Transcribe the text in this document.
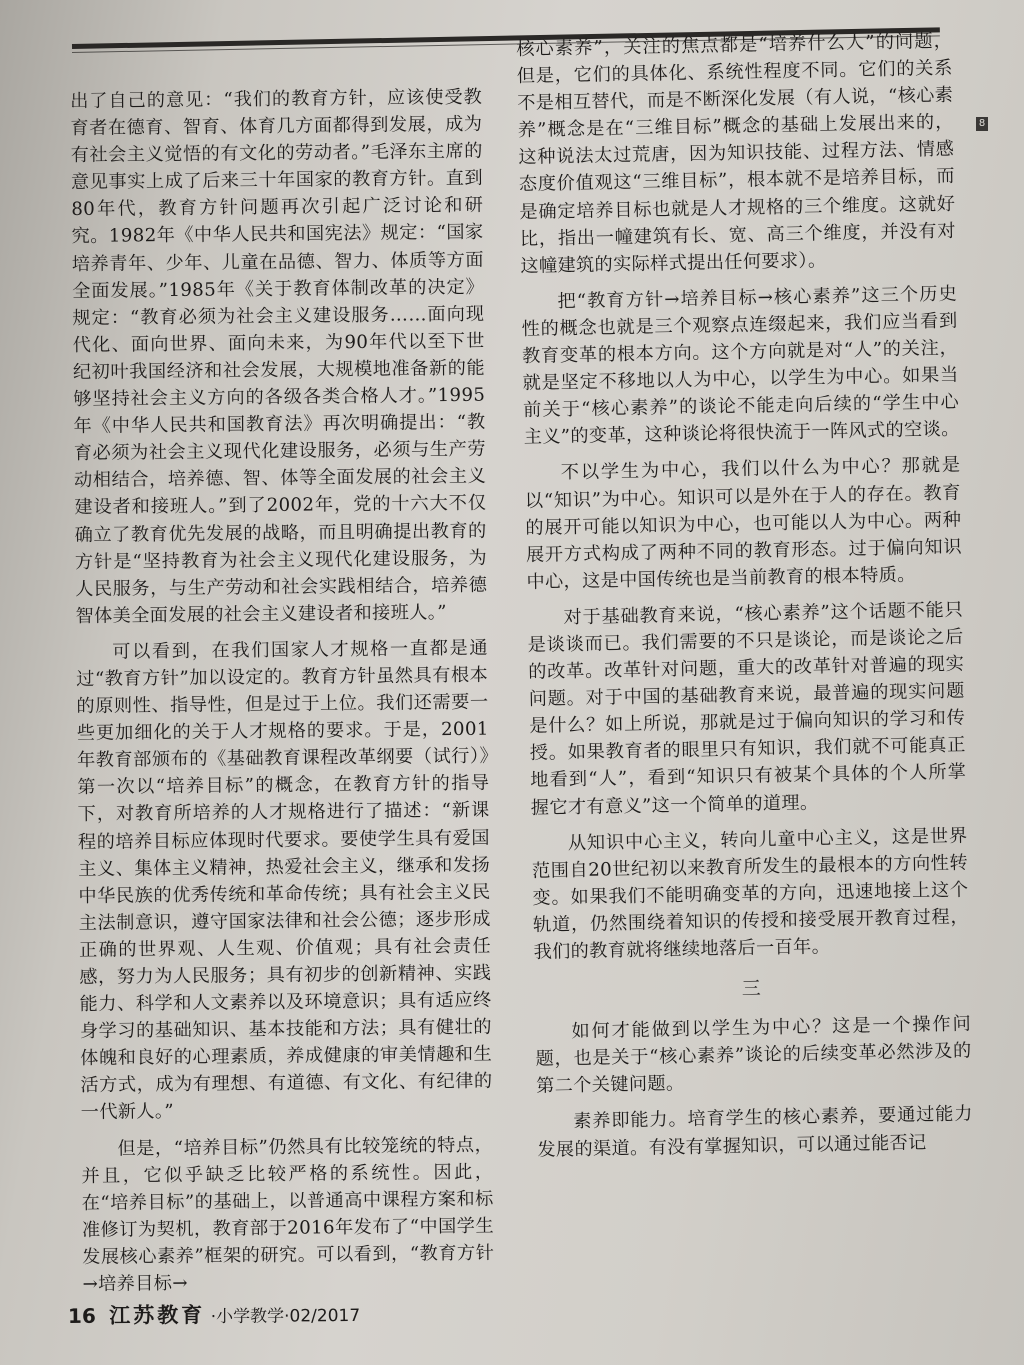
8

出了自己的意见：“我们的教育方针，应该使受教育者在德育、智育、体育几方面都得到发展，成为有社会主义觉悟的有文化的劳动者。”毛泽东主席的意见事实上成了后来三十年国家的教育方针。直到80年代，教育方针问题再次引起广泛讨论和研究。1982年《中华人民共和国宪法》规定：“国家培养青年、少年、儿童在品德、智力、体质等方面全面发展。”1985年《关于教育体制改革的决定》规定：“教育必须为社会主义建设服务……面向现代化、面向世界、面向未来，为90年代以至下世纪初叶我国经济和社会发展，大规模地准备新的能够坚持社会主义方向的各级各类合格人才。”1995年《中华人民共和国教育法》再次明确提出：“教育必须为社会主义现代化建设服务，必须与生产劳动相结合，培养德、智、体等全面发展的社会主义建设者和接班人。”到了2002年，党的十六大不仅确立了教育优先发展的战略，而且明确提出教育的方针是“坚持教育为社会主义现代化建设服务，为人民服务，与生产劳动和社会实践相结合，培养德智体美全面发展的社会主义建设者和接班人。”

可以看到，在我们国家人才规格一直都是通过“教育方针”加以设定的。教育方针虽然具有根本的原则性、指导性，但是过于上位。我们还需要一些更加细化的关于人才规格的要求。于是，2001年教育部颁布的《基础教育课程改革纲要（试行）》第一次以“培养目标”的概念，在教育方针的指导下，对教育所培养的人才规格进行了描述：“新课程的培养目标应体现时代要求。要使学生具有爱国主义、集体主义精神，热爱社会主义，继承和发扬中华民族的优秀传统和革命传统；具有社会主义民主法制意识，遵守国家法律和社会公德；逐步形成正确的世界观、人生观、价值观；具有社会责任感，努力为人民服务；具有初步的创新精神、实践能力、科学和人文素养以及环境意识；具有适应终身学习的基础知识、基本技能和方法；具有健壮的体魄和良好的心理素质，养成健康的审美情趣和生活方式，成为有理想、有道德、有文化、有纪律的一代新人。”

但是，“培养目标”仍然具有比较笼统的特点，并且，它似乎缺乏比较严格的系统性。因此，在“培养目标”的基础上，以普通高中课程方案和标准修订为契机，教育部于2016年发布了“中国学生发展核心素养”框架的研究。可以看到，“教育方针→培养目标→

核心素养”，关注的焦点都是“培养什么人”的问题，但是，它们的具体化、系统性程度不同。它们的关系不是相互替代，而是不断深化发展（有人说，“核心素养”概念是在“三维目标”概念的基础上发展出来的，这种说法太过荒唐，因为知识技能、过程方法、情感态度价值观这“三维目标”，根本就不是培养目标，而是确定培养目标也就是人才规格的三个维度。这就好比，指出一幢建筑有长、宽、高三个维度，并没有对这幢建筑的实际样式提出任何要求）。

把“教育方针→培养目标→核心素养”这三个历史性的概念也就是三个观察点连缀起来，我们应当看到教育变革的根本方向。这个方向就是对“人”的关注，就是坚定不移地以人为中心，以学生为中心。如果当前关于“核心素养”的谈论不能走向后续的“学生中心主义”的变革，这种谈论将很快流于一阵风式的空谈。

不以学生为中心，我们以什么为中心？那就是以“知识”为中心。知识可以是外在于人的存在。教育的展开可能以知识为中心，也可能以人为中心。两种展开方式构成了两种不同的教育形态。过于偏向知识中心，这是中国传统也是当前教育的根本特质。

对于基础教育来说，“核心素养”这个话题不能只是谈谈而已。我们需要的不只是谈论，而是谈论之后的改革。改革针对问题，重大的改革针对普遍的现实问题。对于中国的基础教育来说，最普遍的现实问题是什么？如上所说，那就是过于偏向知识的学习和传授。如果教育者的眼里只有知识，我们就不可能真正地看到“人”，看到“知识只有被某个具体的个人所掌握它才有意义”这一个简单的道理。

从知识中心主义，转向儿童中心主义，这是世界范围自20世纪初以来教育所发生的最根本的方向性转变。如果我们不能明确变革的方向，迅速地接上这个轨道，仍然围绕着知识的传授和接受展开教育过程，我们的教育就将继续地落后一百年。

三

如何才能做到以学生为中心？这是一个操作问题，也是关于“核心素养”谈论的后续变革必然涉及的第二个关键问题。

素养即能力。培育学生的核心素养，要通过能力发展的渠道。有没有掌握知识，可以通过能否记

16 江苏教育 ·小学教学·02/2017
